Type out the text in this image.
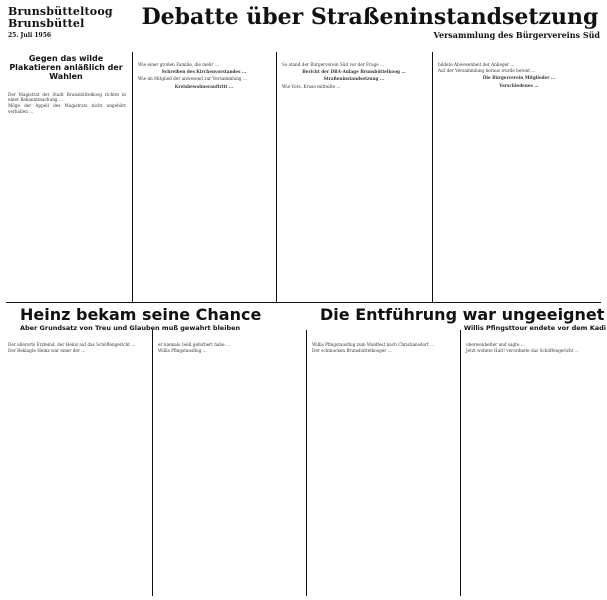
Brunsbütteltoog
Brunsbüttel
25. Juli 1956
Debatte über Straßeninstandsetzung
Versammlung des Bürgervereins Süd
Gegen das wilde Plakatieren anläßlich der Wahlen

Der Magistrat der Stadt Brunsbüttelkoog richtet in einer Bekanntmachung ...

Möge der Appell des Magistrats nicht ungehört verhallen ...

Wie einer großen Familie, die mehr ...

Schreiben des Kirchenvorstandes ...

Wie im Mitglied der anwesend zur Versammlung ...

Kreisbewohnerauftritt ...

So stand der Bürgerverein Süd vor der Frage ...

Bericht der DRA-Anlage Brunsbüttelkoog ...

Straßeninstandsetzung ...

Wie Vors. Kruse mitteilte ...

bildete Abwesenheit der Anlieger ...

Auf der Versammlung heraus wurde betont ...

Die Bürgerverein Mitglieder ...

Verschiedenes ...

Heinz bekam seine Chance
Aber Grundsatz von Treu und Glauben muß gewahrt bleiben
Die Entführung war ungeeignet
Willis Pfingsttour endete vor dem Kadi

Der allerorts Erzfeind, der Heinz auf das Schöffengericht ...

Der Beklagte Heinz war einer der ...

er niemals Geld geforbert habe ...

Willis Pfingstausflug ...

Willis Pfingstausflug zum Waldfest nach Christiansdorf ...

Der schmucken Brunsbüttelkooger ...

oberwenhelter und sagte ...

Jetzt wohnte Halt! verordnete das Schöffengericht ...
